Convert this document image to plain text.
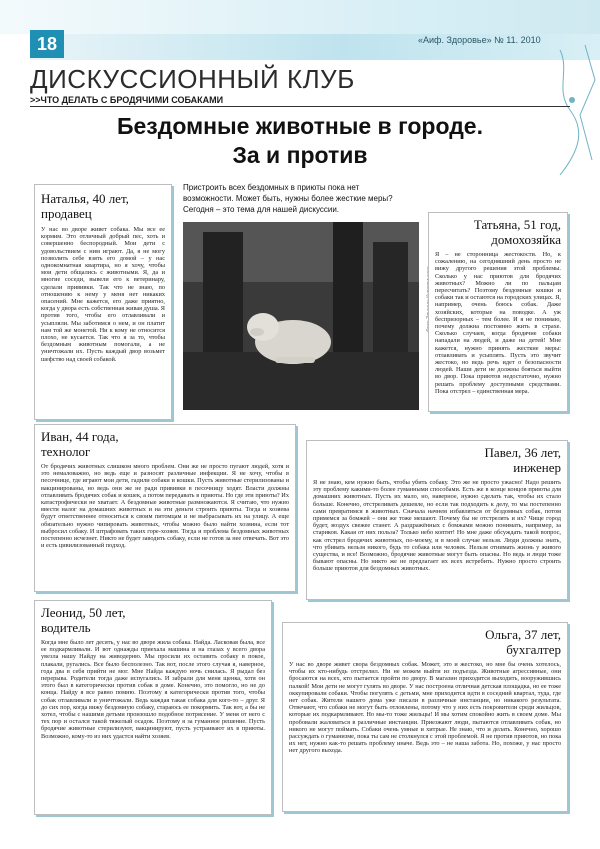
18	«Аиф. Здоровье» № 11. 2010
ДИСКУССИОННЫЙ КЛУБ
>>ЧТО ДЕЛАТЬ С БРОДЯЧИМИ СОБАКАМИ
Бездомные животные в городе.
За и против
Наталья, 40 лет,
продавец

У нас во дворе живет собака. Мы все ее кормим. Это отличный добрый пес, хоть и совершенно беспородный. Мои дети с удовольствием с ним играют. Да, я не могу позволить себе взять его домой – у нас однокомнатная квартира, но я хочу, чтобы мои дети общались с животными. Я, да и многие соседи, вывели его к ветеринару, сделали прививки. Так что не знаю, по отношению к нему у меня нет никаких опасений. Мне кажется, его даже приятно, когда у двора есть собственная живая душа. Я против того, чтобы его отлавливали и усыпляли. Мы заботимся о нем, и он платит нам той же монетой. Ни к кому не относится плохо, не кусается. Так что я за то, чтобы бездомным животным помогали, а не уничтожали их. Пусть каждый двор возьмет шефство над своей собакой.

Пристроить всех бездомных в приюты пока нет возможности. Может быть, нужны более жесткие меры? Сегодня – это тема для нашей дискуссии.
Татьяна, 51 год,
домохозяйка

Я – не сторонница жестокости. Но, к сожалению, на сегодняшний день просто не вижу другого решения этой проблемы. Сколько у нас приютов для бродячих животных? Можно ли по пальцам пересчитать? Поэтому бездомные кошки и собаки так и остаются на городских улицах. Я, например, очень боюсь собак. Даже хозяйских, которые на поводке. А уж беспризорных – тем более. И я не понимаю, почему должна постоянно жить в страхе. Сколько случаев, когда бродячие собаки нападали на людей, и даже на детей! Мне кажется, нужно принять жесткие меры: отлавливать и усыплять. Пусть это звучит жестоко, но ведь речь идет о безопасности людей. Наши дети не должны бояться выйти во двор. Пока приютов недостаточно, нужно решать проблему доступными средствами. Пока отстрел – единственная мера.

Иван, 44 года,
технолог

От бродячих животных слишком много проблем. Они же не просто пугают людей, хотя и это немаловажно, но ведь еще и разносят различные инфекции. Я не хочу, чтобы в песочнице, где играют мои дети, гадили собаки и кошки. Пусть животные стерилизованы и вакцинированы, но ведь они же не ради прививки в песочницу ходят. Власти должны отлавливать бродячих собак и кошек, а потом передавать в приюты. Но где эти приюты? Их катастрофически не хватает. А бездомные животные размножаются. Я считаю, что нужно ввести налог на домашних животных и на эти деньги строить приюты. Тогда и хозяева будут ответственнее относиться к своим питомцам и не выбрасывать их на улицу. А еще обязательно нужно чипировать животных, чтобы можно было найти хозяина, если тот выбросил собаку. И штрафовать таких горе-хозяев. Тогда и проблема бездомных животных постепенно исчезнет. Никто не будет заводить собаку, если не готов за нее отвечать. Вот это и есть цивилизованный подход.

Павел, 36 лет,
инженер

Я не знаю, кем нужно быть, чтобы убить собаку. Это же не просто ужасно! Надо решить эту проблему какими-то более гуманными способами. Есть же в конце концов приюты для домашних животных. Пусть их мало, но, наверное, нужно сделать так, чтобы их стало больше. Конечно, отстреливать дешевле, но если так подходить к делу, то мы постепенно сами превратимся в животных. Сначала начнем избавляться от бездомных собак, потом примемся за бомжей – они же тоже мешают. Почему бы не отстрелять и их? Чище город будет, воздух свежее станет. А раздражённых с бомжами можно понимать, например, за стариков. Какая от них польза? Только небо коптят! Но мне даже обсуждать такой вопрос, как отстрел бродячих животных, по-моему, и в моей случае нельзя. Люди должны знать, что убивать нельзя никого, будь то собака или человек. Нельзя отнимать жизнь у живого существа, и все! Возможно, бродячие животные могут быть опасны. Но ведь и люди тоже бывают опасны. Но никто же не предлагает их всех истребить. Нужно просто строить больше приютов для бездомных животных.

Леонид, 50 лет,
водитель

Когда мне было лет десять, у нас во дворе жила собака. Найда. Ласковая была, все ее подкармливали. И вот однажды приехала машина и на глазах у всего двора увезла нашу Найду на живодерню. Мы просили их оставить собаку в покое, плакали, ругались. Все было бесполезно. Так вот, после этого случая я, наверное, года два в себя прийти не мог. Мне Найда каждую ночь снилась. Я рыдал без перерыва. Родители тогда даже испугались. И забрали для меня щенка, хотя он этого был в категорически против собак в доме. Конечно, это помогло, но не до конца. Найду я все равно помню. Поэтому я категорически против того, чтобы собак отлавливали и уничтожали. Ведь каждая такая собака для кого-то – друг. Я до сих пор, когда вижу бездомную собаку, стараюсь ее покормить. Так вот, а бы не хотел, чтобы с нашими детьми произошло подобное потрясение. У меня от него с тех пор и остался такой тяжелый осадок. Поэтому я за гуманное решение. Пусть бродячие животные стерилизуют, вакцинируют, пусть устраивают их в приюты. Возможно, кому-то из них удастся найти хозяев.

Ольга, 37 лет,
бухгалтер

У нас во дворе живет свора бездомных собак. Может, это и жестоко, но мне бы очень хотелось, чтобы их кто-нибудь отстрелил. Ни не можем выйти из подъезда. Животные агрессивные, они бросаются на всех, кто пытается пройти по двору. В магазин приходится выходить, вооружившись палкой! Мои дети не могут гулять во дворе. У нас построена отличная детская площадка, но ее тоже оккупировали собаки. Чтобы погулять с детьми, мне приходится идти в соседний квартал, туда, где нет собак. Жители нашего дома уже писали в различные инстанции, но никакого результата. Отвечают, что собаки не могут быть отловлены, потому что у них есть покровители среди жильцов, которые их подкармливают. Но мы-то тоже жильцы! И мы хотим спокойно жить в своем доме. Мы пробовали жаловаться в различные инстанции. Приезжают люди, пытаются отлавливать собак, но никого не могут поймать. Собаки очень умные и хитрые. Не знаю, что и делать. Конечно, хорошо рассуждать о гуманизме, пока ты сам не столкнулся с этой проблемой. Я не против приютов, но пока их нет, нужно как-то решать проблему иначе. Ведь это – не наша забота. Но, похоже, у нас просто нет другого выхода.
